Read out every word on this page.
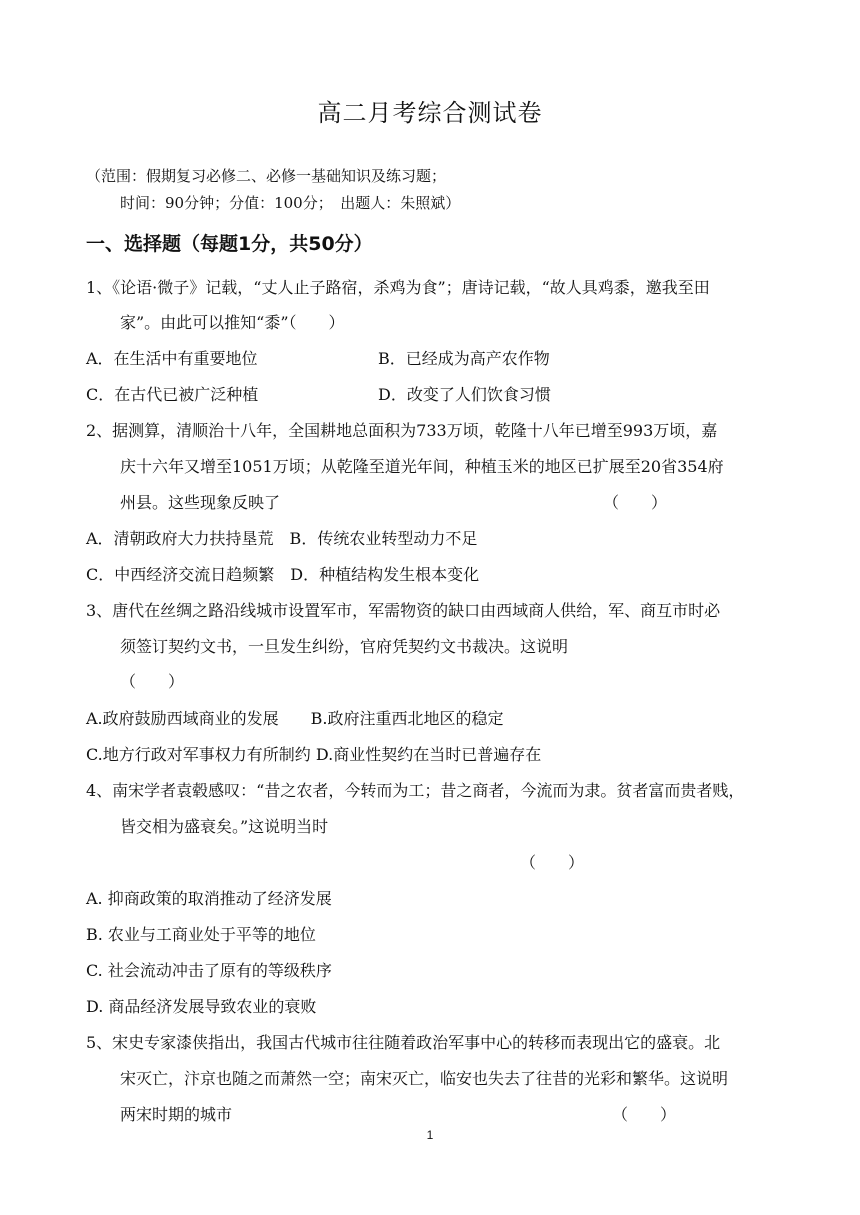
高二月考综合测试卷
（范围：假期复习必修二、必修一基础知识及练习题；
时间：90分钟；分值：100分；　出题人：朱照斌）
一、选择题（每题1分，共50分）
1、《论语·微子》记载，“丈人止子路宿，杀鸡为食”；唐诗记载，“故人具鸡黍，邀我至田
家”。由此可以推知“黍”（　　）
A．在生活中有重要地位	B．已经成为高产农作物
C．在古代已被广泛种植	D．改变了人们饮食习惯
2、据测算，清顺治十八年，全国耕地总面积为733万顷，乾隆十八年已增至993万顷，嘉
庆十六年又增至1051万顷；从乾隆至道光年间，种植玉米的地区已扩展至20省354府
州县。这些现象反映了	（　　）
A．清朝政府大力扶持垦荒　B．传统农业转型动力不足
C．中西经济交流日趋频繁　D．种植结构发生根本变化
3、唐代在丝绸之路沿线城市设置军市，军需物资的缺口由西域商人供给，军、商互市时必
须签订契约文书，一旦发生纠纷，官府凭契约文书裁决。这说明
（　　）
A.政府鼓励西域商业的发展　　B.政府注重西北地区的稳定
C.地方行政对军事权力有所制约 D.商业性契约在当时已普遍存在
4、南宋学者袁毂感叹：“昔之农者，今转而为工；昔之商者，今流而为隶。贫者富而贵者贱，
皆交相为盛衰矣。”这说明当时
（　　）
A. 抑商政策的取消推动了经济发展
B. 农业与工商业处于平等的地位
C. 社会流动冲击了原有的等级秩序
D. 商品经济发展导致农业的衰败
5、宋史专家漆侠指出，我国古代城市往往随着政治军事中心的转移而表现出它的盛衰。北
宋灭亡，汴京也随之而萧然一空；南宋灭亡，临安也失去了往昔的光彩和繁华。这说明
两宋时期的城市	（　　）
1
